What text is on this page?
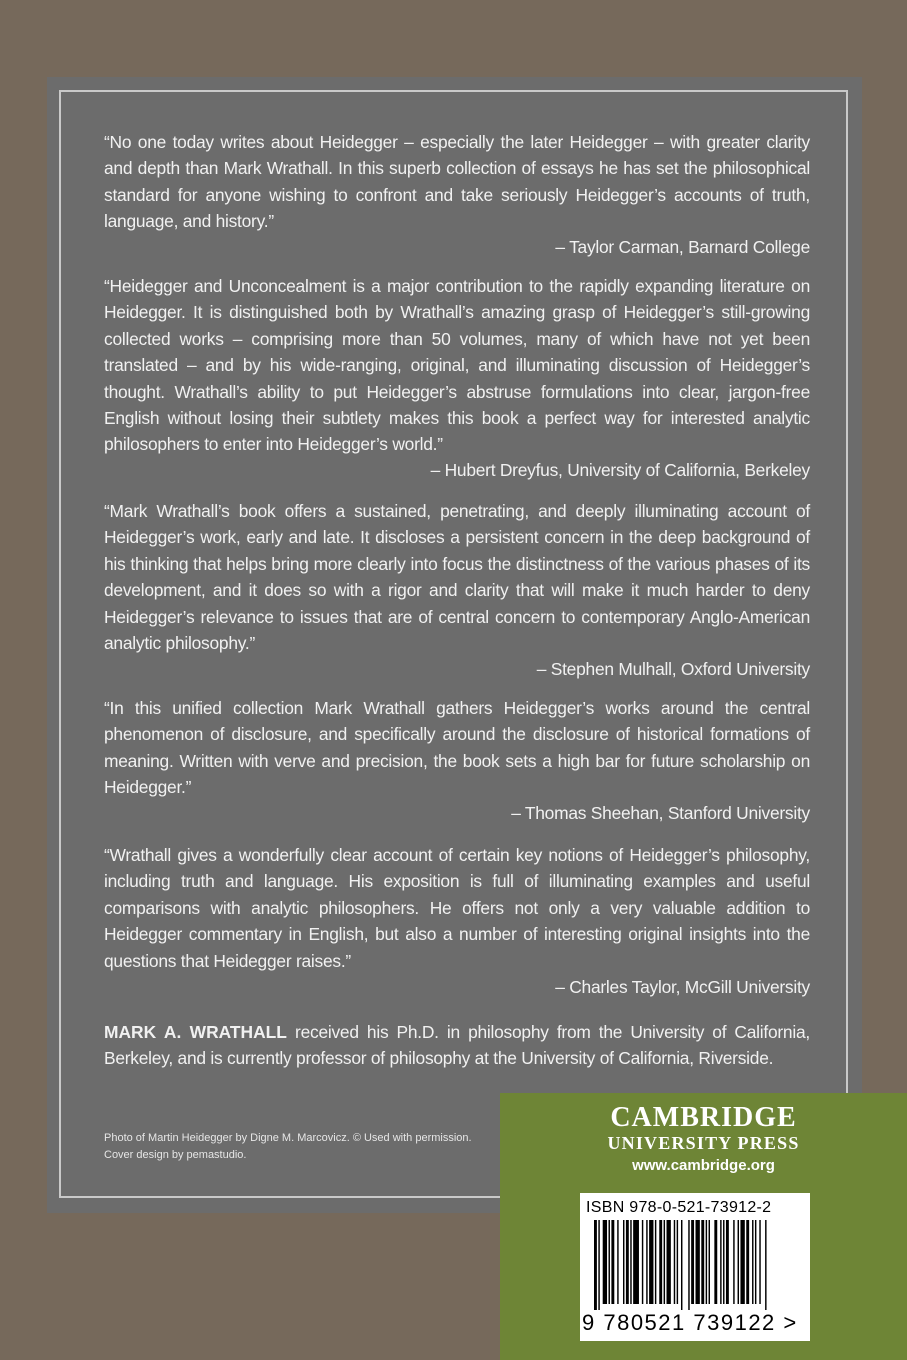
“No one today writes about Heidegger – especially the later Heidegger – with greater clarity and depth than Mark Wrathall. In this superb collection of essays he has set the philosophical standard for anyone wishing to confront and take seriously Heidegger’s accounts of truth, language, and history.”
– Taylor Carman, Barnard College
“Heidegger and Unconcealment is a major contribution to the rapidly expanding literature on Heidegger. It is distinguished both by Wrathall’s amazing grasp of Heidegger’s still-growing collected works – comprising more than 50 volumes, many of which have not yet been translated – and by his wide-ranging, original, and illuminating discussion of Heidegger’s thought. Wrathall’s ability to put Heidegger’s abstruse formulations into clear, jargon-free English without losing their subtlety makes this book a perfect way for interested analytic philosophers to enter into Heidegger’s world.”
– Hubert Dreyfus, University of California, Berkeley
“Mark Wrathall’s book offers a sustained, penetrating, and deeply illuminating account of Heidegger’s work, early and late. It discloses a persistent concern in the deep background of his thinking that helps bring more clearly into focus the distinctness of the various phases of its development, and it does so with a rigor and clarity that will make it much harder to deny Heidegger’s relevance to issues that are of central concern to contemporary Anglo-American analytic philosophy.”
– Stephen Mulhall, Oxford University
“In this unified collection Mark Wrathall gathers Heidegger’s works around the central phenomenon of disclosure, and specifically around the disclosure of historical formations of meaning. Written with verve and precision, the book sets a high bar for future scholarship on Heidegger.”
– Thomas Sheehan, Stanford University
“Wrathall gives a wonderfully clear account of certain key notions of Heidegger’s philosophy, including truth and language. His exposition is full of illuminating examples and useful comparisons with analytic philosophers. He offers not only a very valuable addition to Heidegger commentary in English, but also a number of interesting original insights into the questions that Heidegger raises.”
– Charles Taylor, McGill University
MARK A. WRATHALL received his Ph.D. in philosophy from the University of California, Berkeley, and is currently professor of philosophy at the University of California, Riverside.
Photo of Martin Heidegger by Digne M. Marcovicz. © Used with permission.
Cover design by pemastudio.
CAMBRIDGE
UNIVERSITY PRESS
www.cambridge.org
ISBN 978-0-521-73912-2
9 780521 739122 >
